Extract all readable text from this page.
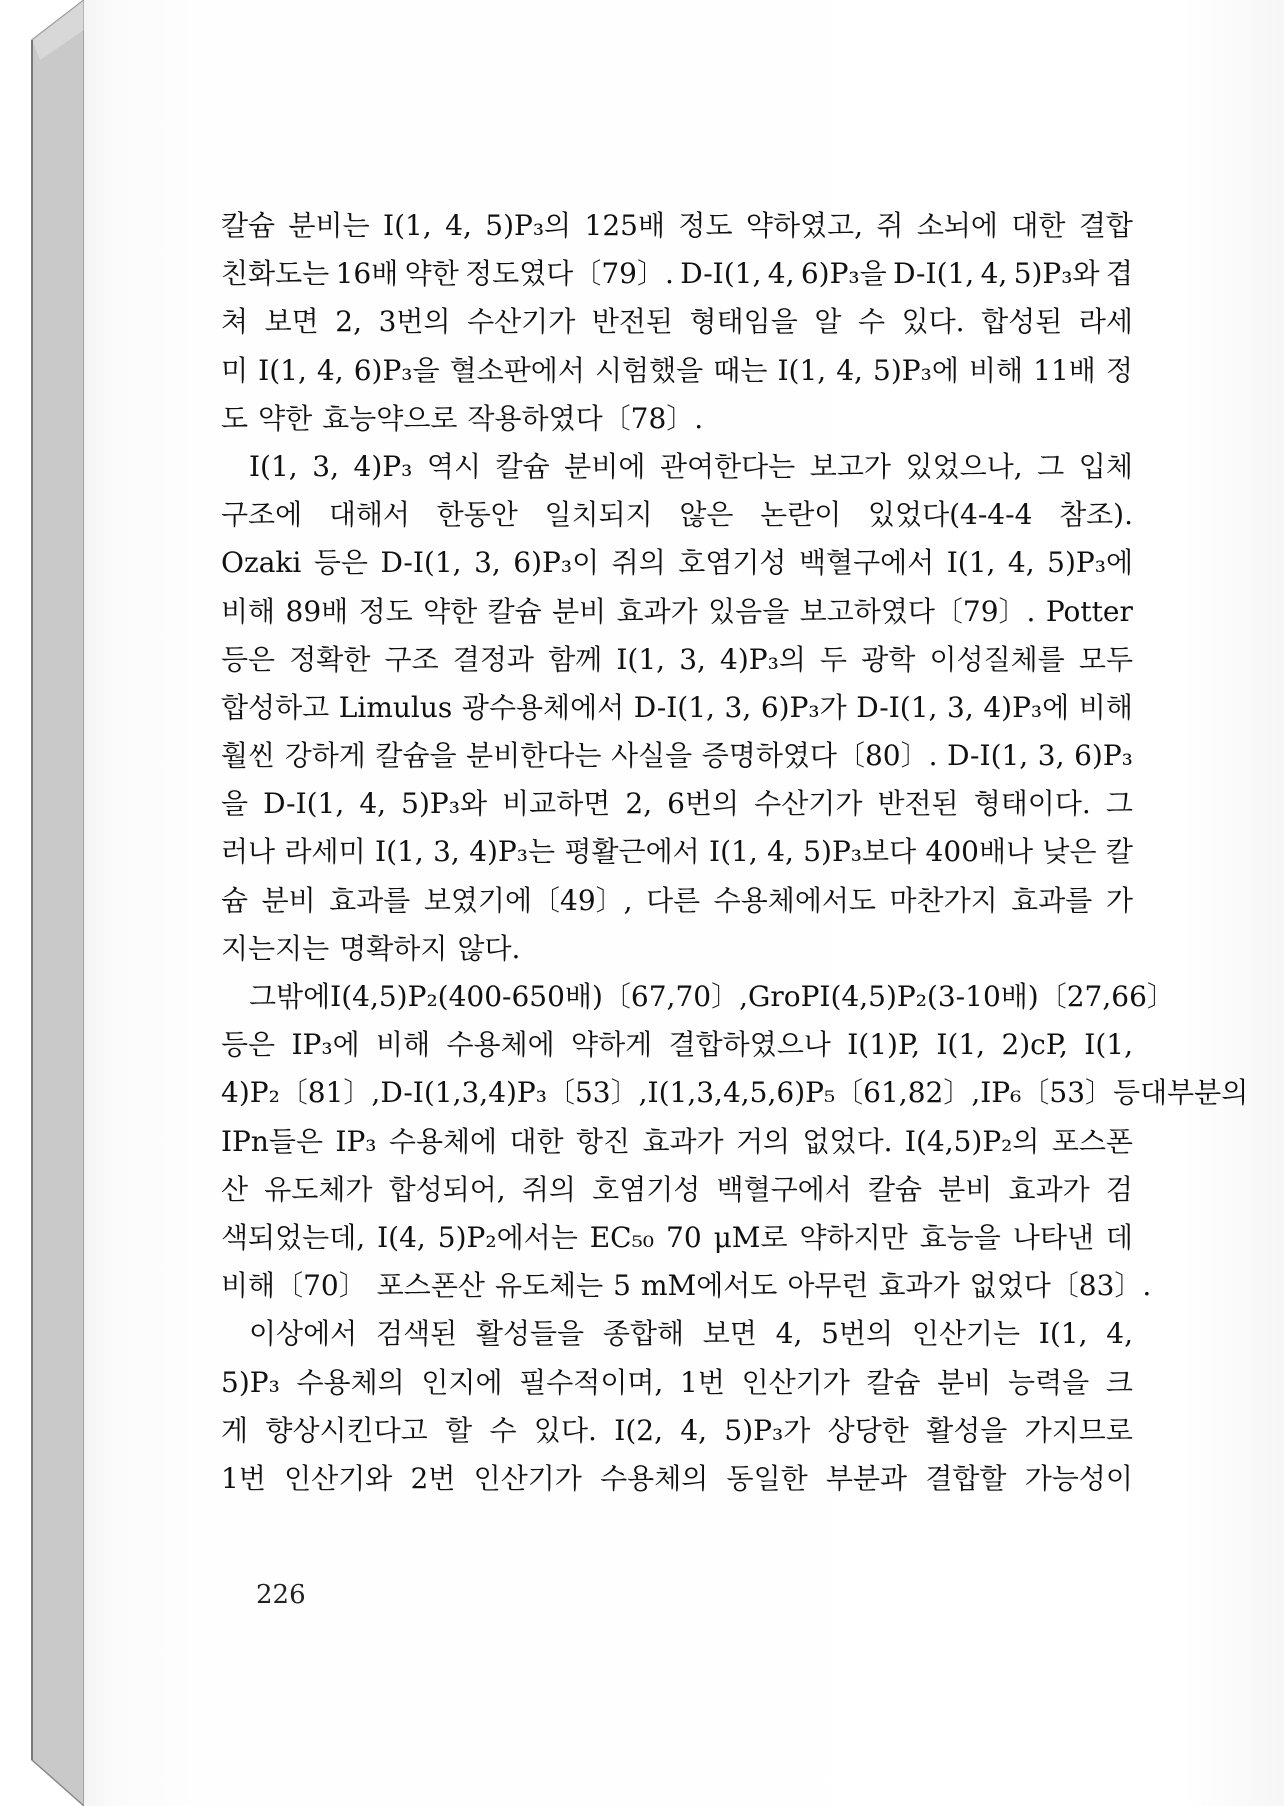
칼슘 분비는 I(1, 4, 5)P₃의 125배 정도 약하였고, 쥐 소뇌에 대한 결합
친화도는 16배 약한 정도였다〔79〕. D-I(1, 4, 6)P₃을 D-I(1, 4, 5)P₃와 겹
쳐 보면 2, 3번의 수산기가 반전된 형태임을 알 수 있다. 합성된 라세
미 I(1, 4, 6)P₃을 혈소판에서 시험했을 때는 I(1, 4, 5)P₃에 비해 11배 정
도 약한 효능약으로 작용하였다〔78〕.
I(1, 3, 4)P₃ 역시 칼슘 분비에 관여한다는 보고가 있었으나, 그 입체
구조에 대해서 한동안 일치되지 않은 논란이 있었다(4-4-4 참조).
Ozaki 등은 D-I(1, 3, 6)P₃이 쥐의 호염기성 백혈구에서 I(1, 4, 5)P₃에
비해 89배 정도 약한 칼슘 분비 효과가 있음을 보고하였다〔79〕. Potter
등은 정확한 구조 결정과 함께 I(1, 3, 4)P₃의 두 광학 이성질체를 모두
합성하고 Limulus 광수용체에서 D-I(1, 3, 6)P₃가 D-I(1, 3, 4)P₃에 비해
훨씬 강하게 칼슘을 분비한다는 사실을 증명하였다〔80〕. D-I(1, 3, 6)P₃
을 D-I(1, 4, 5)P₃와 비교하면 2, 6번의 수산기가 반전된 형태이다. 그
러나 라세미 I(1, 3, 4)P₃는 평활근에서 I(1, 4, 5)P₃보다 400배나 낮은 칼
슘 분비 효과를 보였기에〔49〕, 다른 수용체에서도 마찬가지 효과를 가
지는지는 명확하지 않다.
그밖에 I(4, 5)P₂(400-650배)〔67, 70〕, GroPI(4, 5)P₂(3-10배)〔27, 66〕
등은 IP₃에 비해 수용체에 약하게 결합하였으나 I(1)P, I(1, 2)cP, I(1,
4)P₂〔81〕, D-I(1,3,4)P₃〔53〕, I(1,3,4,5,6)P₅〔61, 82〕, IP₆〔53〕 등 대부분의
IPn들은 IP₃ 수용체에 대한 항진 효과가 거의 없었다. I(4,5)P₂의 포스폰
산 유도체가 합성되어, 쥐의 호염기성 백혈구에서 칼슘 분비 효과가 검
색되었는데, I(4, 5)P₂에서는 EC₅₀ 70 μM로 약하지만 효능을 나타낸 데
비해〔70〕 포스폰산 유도체는 5 mM에서도 아무런 효과가 없었다〔83〕.
이상에서 검색된 활성들을 종합해 보면 4, 5번의 인산기는 I(1, 4,
5)P₃ 수용체의 인지에 필수적이며, 1번 인산기가 칼슘 분비 능력을 크
게 향상시킨다고 할 수 있다. I(2, 4, 5)P₃가 상당한 활성을 가지므로
1번 인산기와 2번 인산기가 수용체의 동일한 부분과 결합할 가능성이
226
